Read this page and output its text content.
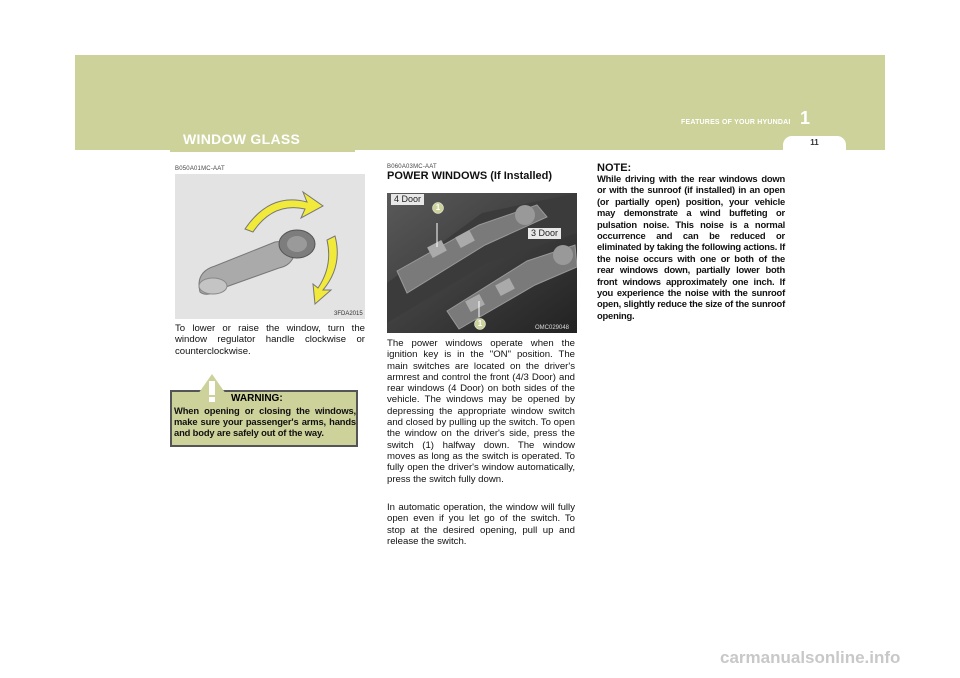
FEATURES OF YOUR HYUNDAI 1
11
WINDOW GLASS
B050A01MC-AAT
3FDA2015

To lower or raise the window, turn the window regulator handle clockwise or counterclockwise.

WARNING:

When opening or closing the windows, make sure your passenger's arms, hands and body are safely out of the way.

B060A03MC-AAT
POWER WINDOWS (If Installed)
4 Door
3 Door
1
1	OMC029048

The power windows operate when the ignition key is in the "ON" position. The main switches are located on the driver's armrest and control the front (4/3 Door) and rear windows (4 Door) on both sides of the vehicle. The windows may be opened by depressing the appropriate window switch and closed by pulling up the switch. To open the window on the driver's side, press the switch (1) halfway down. The window moves as long as the switch is operated. To fully open the driver's window automatically, press the switch fully down.

In automatic operation, the window will fully open even if you let go of the switch. To stop at the desired opening, pull up and release the switch.

NOTE:

While driving with the rear windows down or with the sunroof (if installed) in an open (or partially open) position, your vehicle may demonstrate a wind buffeting or pulsation noise. This noise is a normal occurrence and can be reduced or eliminated by taking the following actions. If the noise occurs with one or both of the rear windows down, partially lower both front windows approximately one inch. If you experience the noise with the sunroof open, slightly reduce the size of the sunroof opening.

carmanualsonline.info
